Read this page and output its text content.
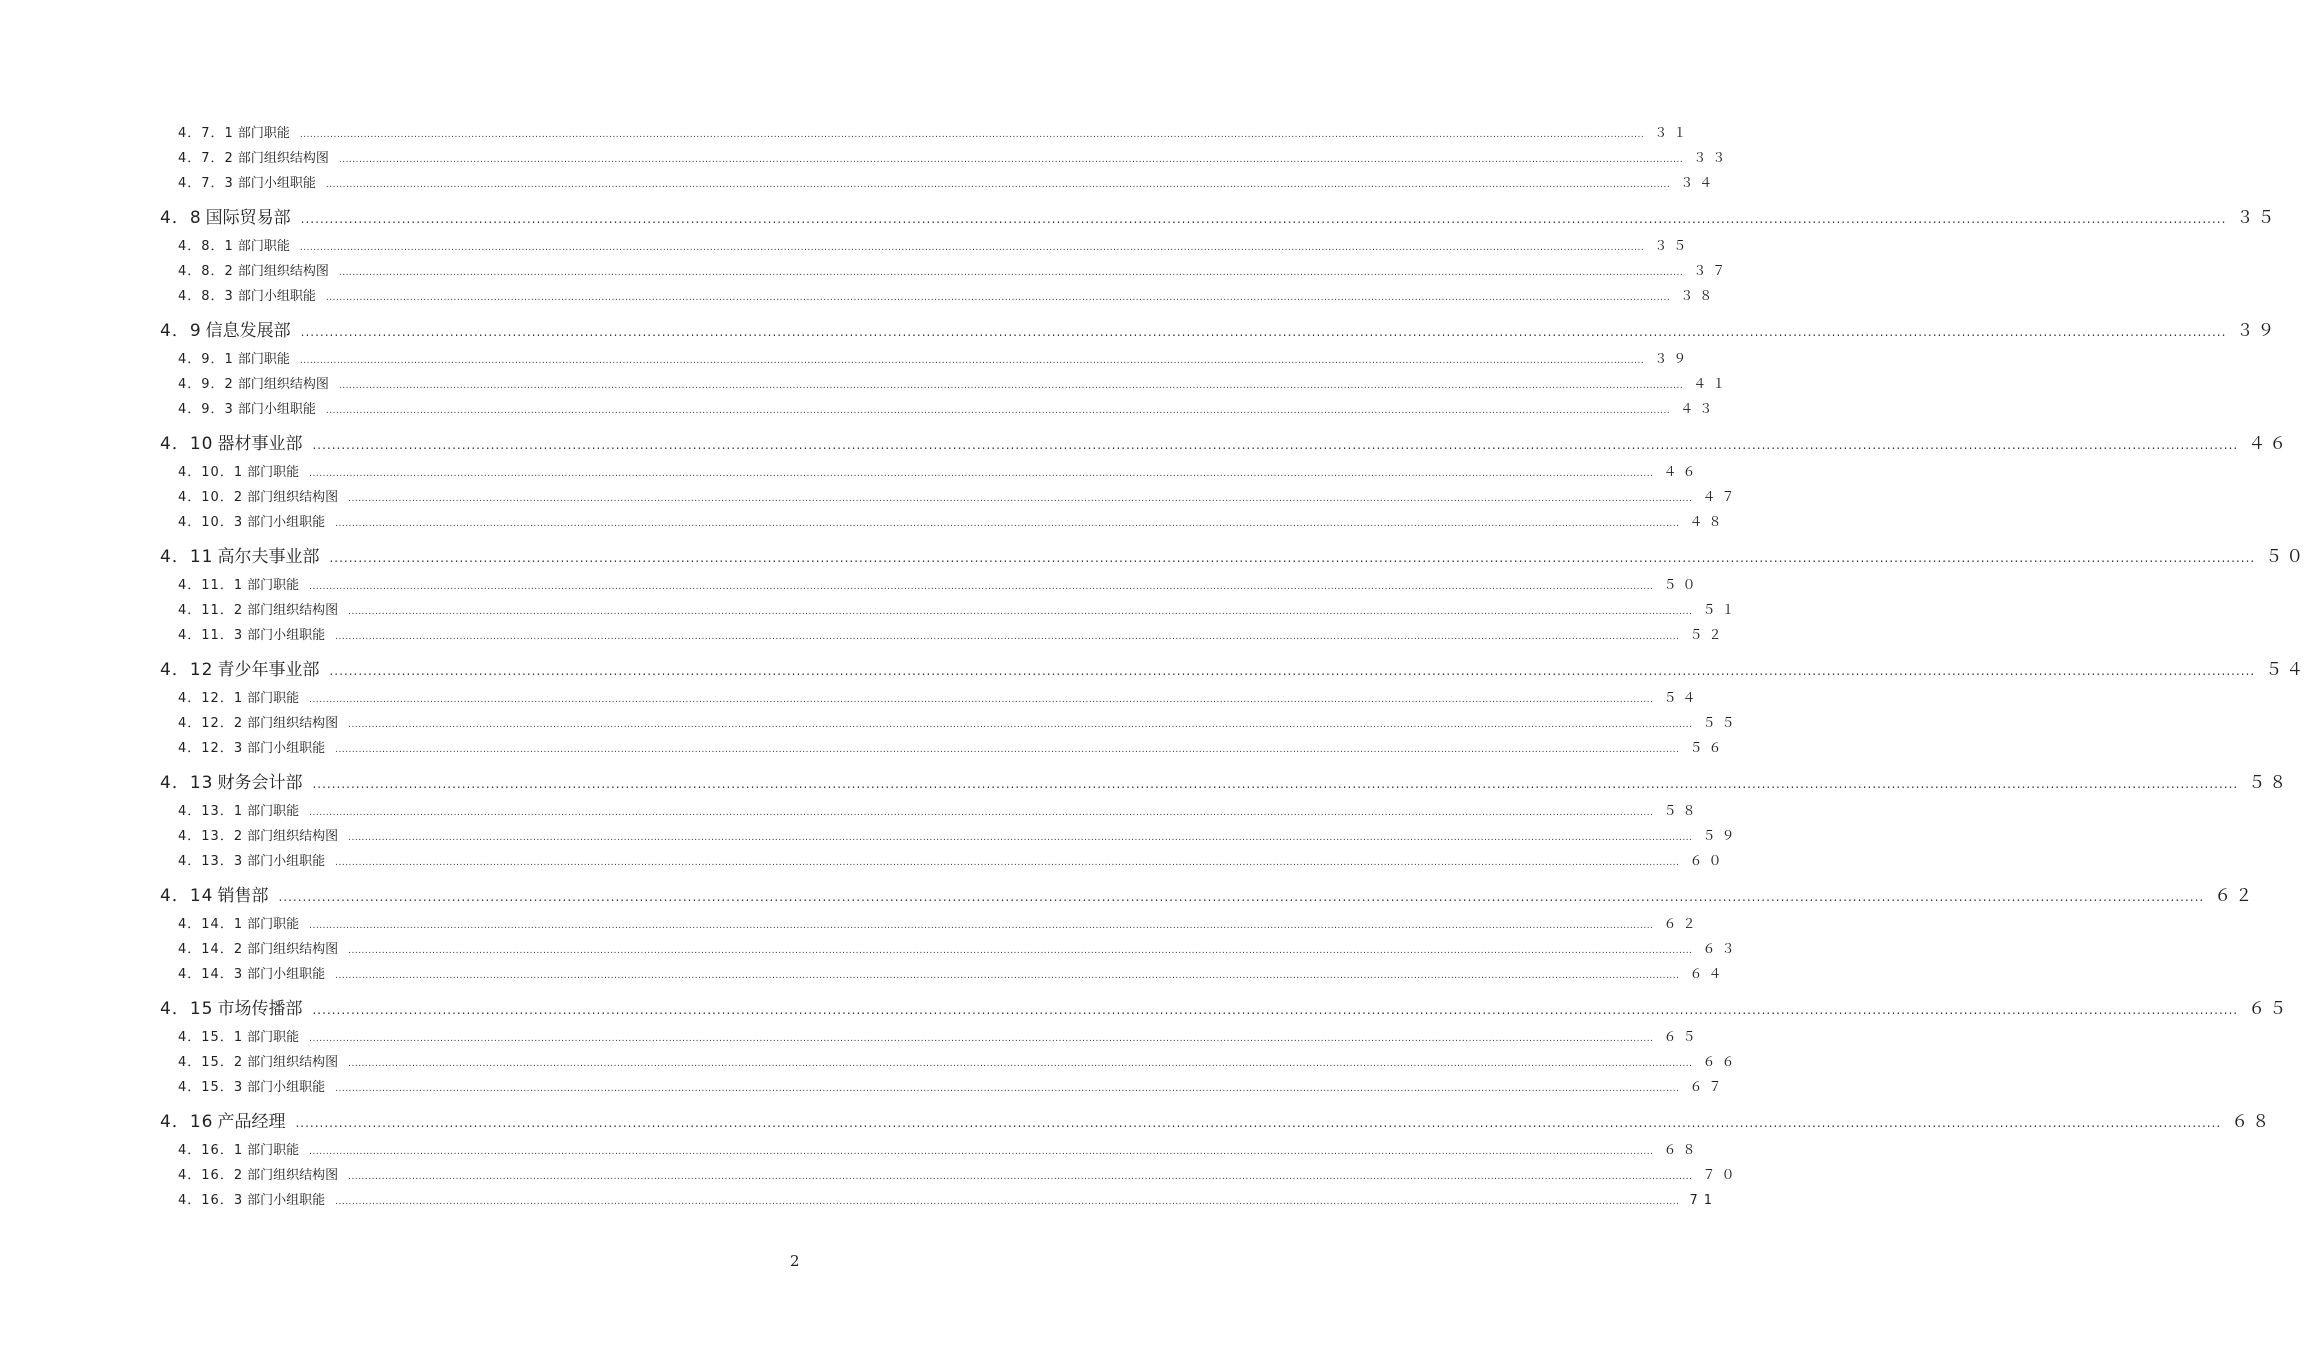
4．7．1 部门职能 ................................................................................................................................................................................................................................................................................................................................................................................................................ ３１
4．7．2 部门组织结构图 ................................................................................................................................................................................................................................................................................................................................................................................................................ ３３
4．7．3 部门小组职能 ................................................................................................................................................................................................................................................................................................................................................................................................................ ３４
4．8 国际贸易部 ................................................................................................................................................................................................................................................................................................................................................................................................................ ３５
4．8．1 部门职能 ................................................................................................................................................................................................................................................................................................................................................................................................................ ３５
4．8．2 部门组织结构图 ................................................................................................................................................................................................................................................................................................................................................................................................................ ３７
4．8．3 部门小组职能 ................................................................................................................................................................................................................................................................................................................................................................................................................ ３８
4．9 信息发展部 ................................................................................................................................................................................................................................................................................................................................................................................................................ ３９
4．9．1 部门职能 ................................................................................................................................................................................................................................................................................................................................................................................................................ ３９
4．9．2 部门组织结构图 ................................................................................................................................................................................................................................................................................................................................................................................................................ ４１
4．9．3 部门小组职能 ................................................................................................................................................................................................................................................................................................................................................................................................................ ４３
4．10 器材事业部 ................................................................................................................................................................................................................................................................................................................................................................................................................ ４６
4．10．1 部门职能 ................................................................................................................................................................................................................................................................................................................................................................................................................ ４６
4．10．2 部门组织结构图 ................................................................................................................................................................................................................................................................................................................................................................................................................ ４７
4．10．3 部门小组职能 ................................................................................................................................................................................................................................................................................................................................................................................................................ ４８
4．11 高尔夫事业部 ................................................................................................................................................................................................................................................................................................................................................................................................................ ５０
4．11．1 部门职能 ................................................................................................................................................................................................................................................................................................................................................................................................................ ５０
4．11．2 部门组织结构图 ................................................................................................................................................................................................................................................................................................................................................................................................................ ５１
4．11．3 部门小组职能 ................................................................................................................................................................................................................................................................................................................................................................................................................ ５２
4．12 青少年事业部 ................................................................................................................................................................................................................................................................................................................................................................................................................ ５４
4．12．1 部门职能 ................................................................................................................................................................................................................................................................................................................................................................................................................ ５４
4．12．2 部门组织结构图 ................................................................................................................................................................................................................................................................................................................................................................................................................ ５５
4．12．3 部门小组职能 ................................................................................................................................................................................................................................................................................................................................................................................................................ ５６
4．13 财务会计部 ................................................................................................................................................................................................................................................................................................................................................................................................................ ５８
4．13．1 部门职能 ................................................................................................................................................................................................................................................................................................................................................................................................................ ５８
4．13．2 部门组织结构图 ................................................................................................................................................................................................................................................................................................................................................................................................................ ５９
4．13．3 部门小组职能 ................................................................................................................................................................................................................................................................................................................................................................................................................ ６０
4．14 销售部 ................................................................................................................................................................................................................................................................................................................................................................................................................ ６２
4．14．1 部门职能 ................................................................................................................................................................................................................................................................................................................................................................................................................ ６２
4．14．2 部门组织结构图 ................................................................................................................................................................................................................................................................................................................................................................................................................ ６３
4．14．3 部门小组职能 ................................................................................................................................................................................................................................................................................................................................................................................................................ ６４
4．15 市场传播部 ................................................................................................................................................................................................................................................................................................................................................................................................................ ６５
4．15．1 部门职能 ................................................................................................................................................................................................................................................................................................................................................................................................................ ６５
4．15．2 部门组织结构图 ................................................................................................................................................................................................................................................................................................................................................................................................................ ６６
4．15．3 部门小组职能 ................................................................................................................................................................................................................................................................................................................................................................................................................ ６７
4．16 产品经理 ................................................................................................................................................................................................................................................................................................................................................................................................................ ６８
4．16．1 部门职能 ................................................................................................................................................................................................................................................................................................................................................................................................................ ６８
4．16．2 部门组织结构图 ................................................................................................................................................................................................................................................................................................................................................................................................................ ７０
4．16．3 部门小组职能 ................................................................................................................................................................................................................................................................................................................................................................................................................ 71
2
